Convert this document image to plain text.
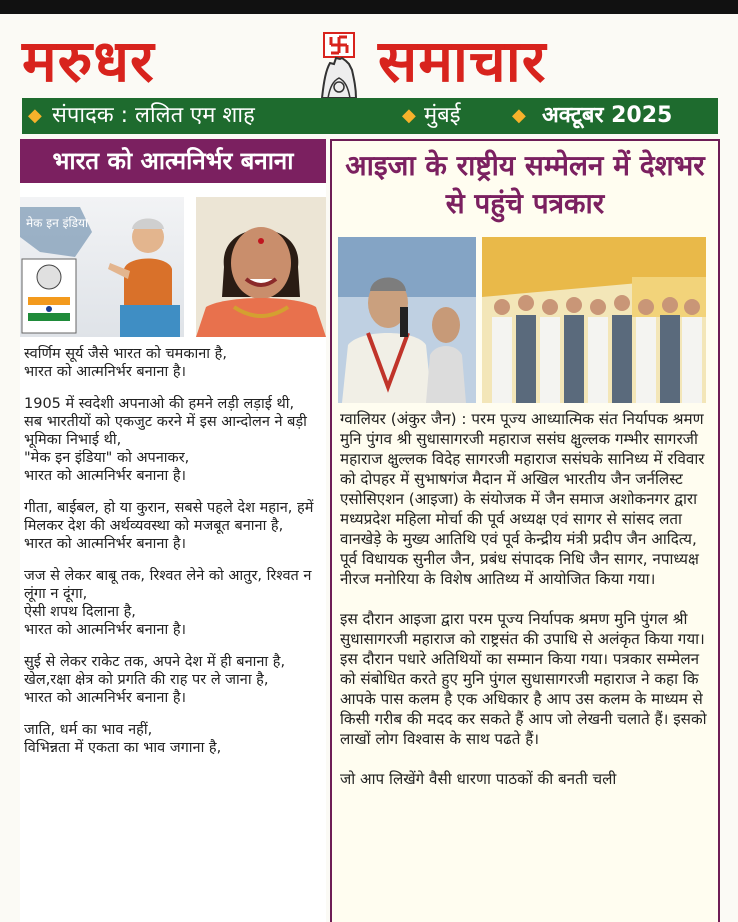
मरुधर	समाचार
◆ संपादक : ललित एम शाह	◆ मुंबई	◆ अक्टूबर 2025
भारत को आत्मनिर्भर बनाना
मेक इन इंडिया

स्वर्णिम सूर्य जैसे भारत को चमकाना है,
भारत को आत्मनिर्भर बनाना है।

1905 में स्वदेशी अपनाओ की हमने लड़ी लड़ाई थी,
सब भारतीयों को एकजुट करने में इस आन्दोलन ने बड़ी भूमिका निभाई थी,
"मेक इन इंडिया" को अपनाकर,
भारत को आत्मनिर्भर बनाना है।

गीता, बाईबल, हो या कुरान, सबसे पहले देश महान, हमें मिलकर देश की अर्थव्यवस्था को मजबूत बनाना है,
भारत को आत्मनिर्भर बनाना है।

जज से लेकर बाबू तक, रिश्वत लेने को आतुर, रिश्वत न लूंगा न दूंगा,
ऐसी शपथ दिलाना है,
भारत को आत्मनिर्भर बनाना है।

सुई से लेकर राकेट तक, अपने देश में ही बनाना है,
खेल,रक्षा क्षेत्र को प्रगति की राह पर ले जाना है,
भारत को आत्मनिर्भर बनाना है।

जाति, धर्म का भाव नहीं,
विभिन्नता में एकता का भाव जगाना है,

आइजा के राष्ट्रीय सम्मेलन में देशभर से पहुंचे पत्रकार

ग्वालियर (अंकुर जैन) : परम पूज्य आध्यात्मिक संत निर्यापक श्रमण मुनि पुंगव श्री सुधासागरजी महाराज ससंघ क्षुल्लक गम्भीर सागरजी महाराज क्षुल्लक विदेह सागरजी महाराज ससंघके सानिध्य में रविवार को दोपहर में सुभाषगंज मैदान में अखिल भारतीय जैन जर्नलिस्ट एसोसिएशन (आइजा) के संयोजक में जैन समाज अशोकनगर द्वारा मध्यप्रदेश महिला मोर्चा की पूर्व अध्यक्ष एवं सागर से सांसद लता वानखेड़े के मुख्य आतिथि एवं पूर्व केन्द्रीय मंत्री प्रदीप जैन आदित्य, पूर्व विधायक सुनील जैन, प्रबंध संपादक निधि जैन सागर, नपाध्यक्ष नीरज मनोरिया के विशेष आतिथ्य में आयोजित किया गया।

इस दौरान आइजा द्वारा परम पूज्य निर्यापक श्रमण मुनि पुंगल श्री सुधासागरजी महाराज को राष्ट्रसंत की उपाधि से अलंकृत किया गया। इस दौरान पधारे अतिथियों का सम्मान किया गया। पत्रकार सम्मेलन को संबोधित करते हुए मुनि पुंगल सुधासागरजी महाराज ने कहा कि आपके पास कलम है एक अधिकार है आप उस कलम के माध्यम से किसी गरीब की मदद कर सकते हैं आप जो लेखनी चलाते हैं। इसको लाखों लोग विश्वास के साथ पढते हैं।

जो आप लिखेंगे वैसी धारणा पाठकों की बनती चली
